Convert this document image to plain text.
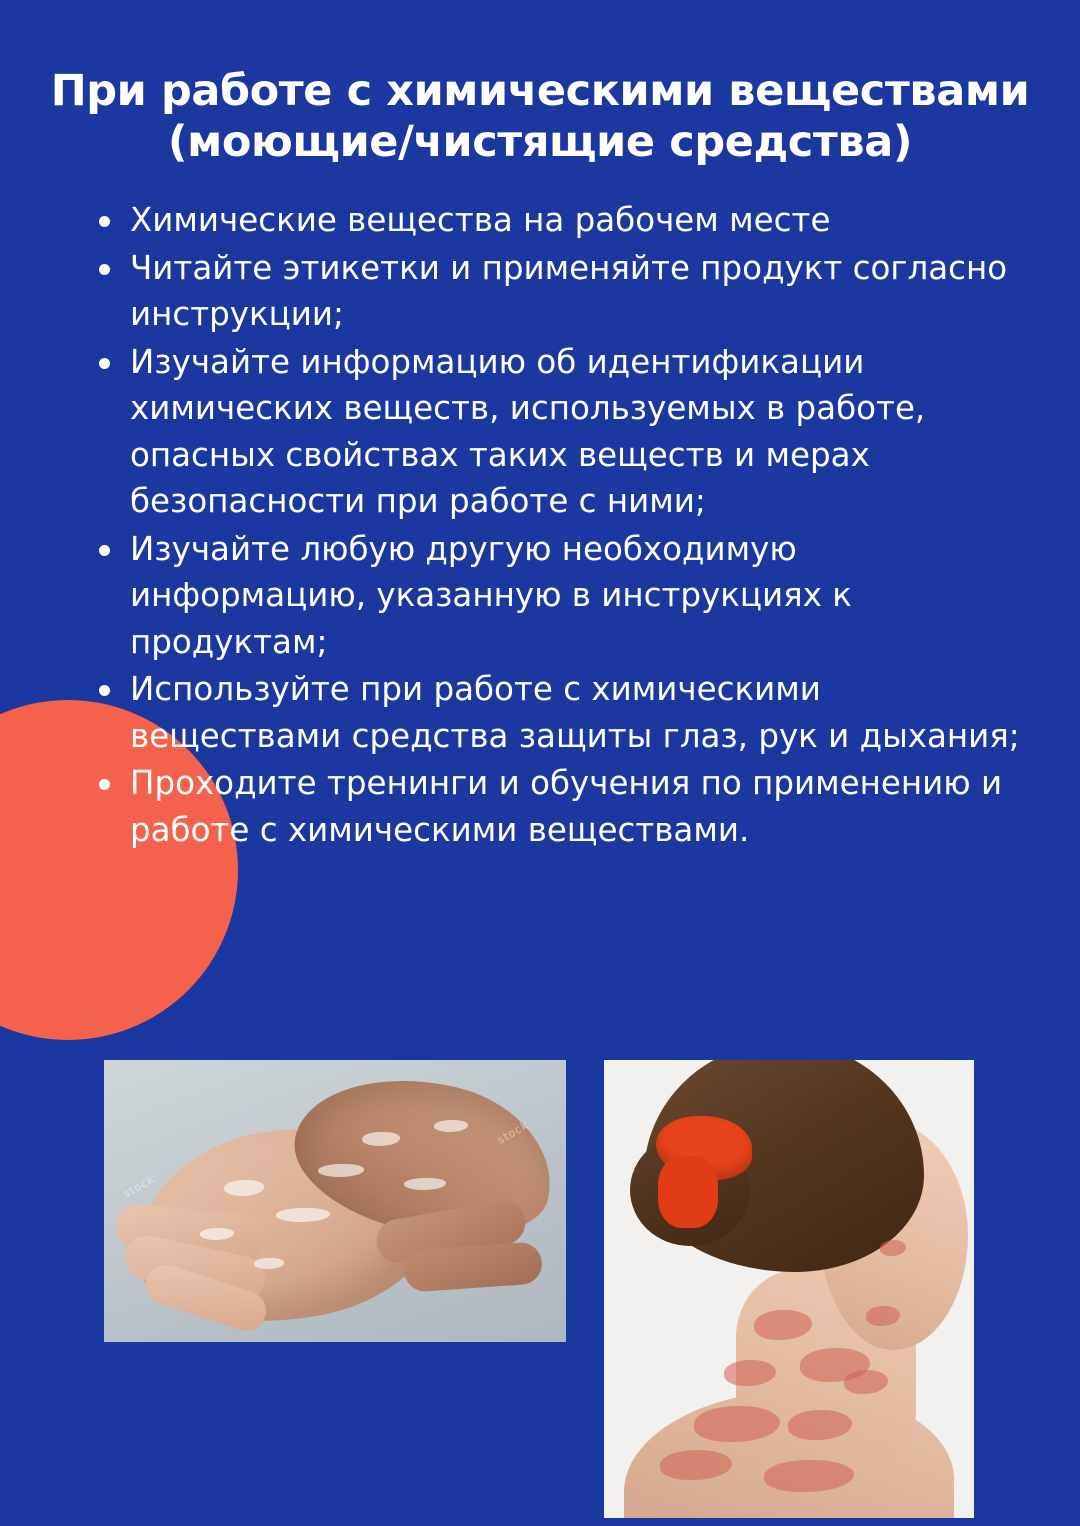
При работе с химическими веществами
(моющие/чистящие средства)
Химические вещества на рабочем месте
Читайте этикетки и применяйте продукт согласно инструкции;
Изучайте информацию об идентификации химических веществ, используемых в работе, опасных свойствах таких веществ и мерах безопасности при работе с ними;
Изучайте любую другую необходимую информацию, указанную в инструкциях к продуктам;
Используйте при работе с химическими веществами средства защиты глаз, рук и дыхания;
Проходите тренинги и обучения по применению и работе с химическими веществами.
stock
stock
